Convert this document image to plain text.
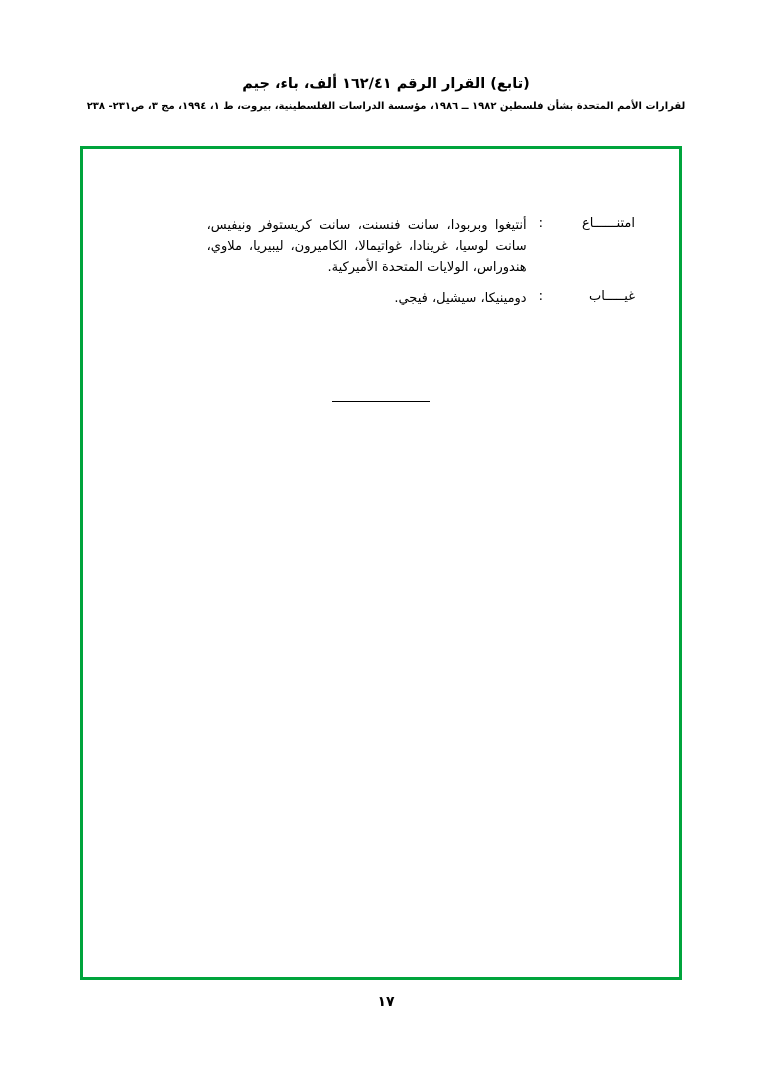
(تابع) القرار الرقم ١٦٢/٤١ ألف، باء، جيم
لقرارات الأمم المتحدة بشأن فلسطين ١٩٨٢ ــ ١٩٨٦، مؤسسة الدراسات الفلسطينية، بيروت، ط ١، ١٩٩٤، مج ٣، ص٢٣١- ٢٣٨
امتنــــــاع
:
أنتيغوا وبربودا، سانت فنسنت، سانت كريستوفر ونيفيس، سانت لوسيا، غرينادا، غواتيمالا، الكاميرون، ليبيريا، ملاوي، هندوراس، الولايات المتحدة الأميركية.
غيـــــاب
:
دومينيكا، سيشيل، فيجي.
١٧
